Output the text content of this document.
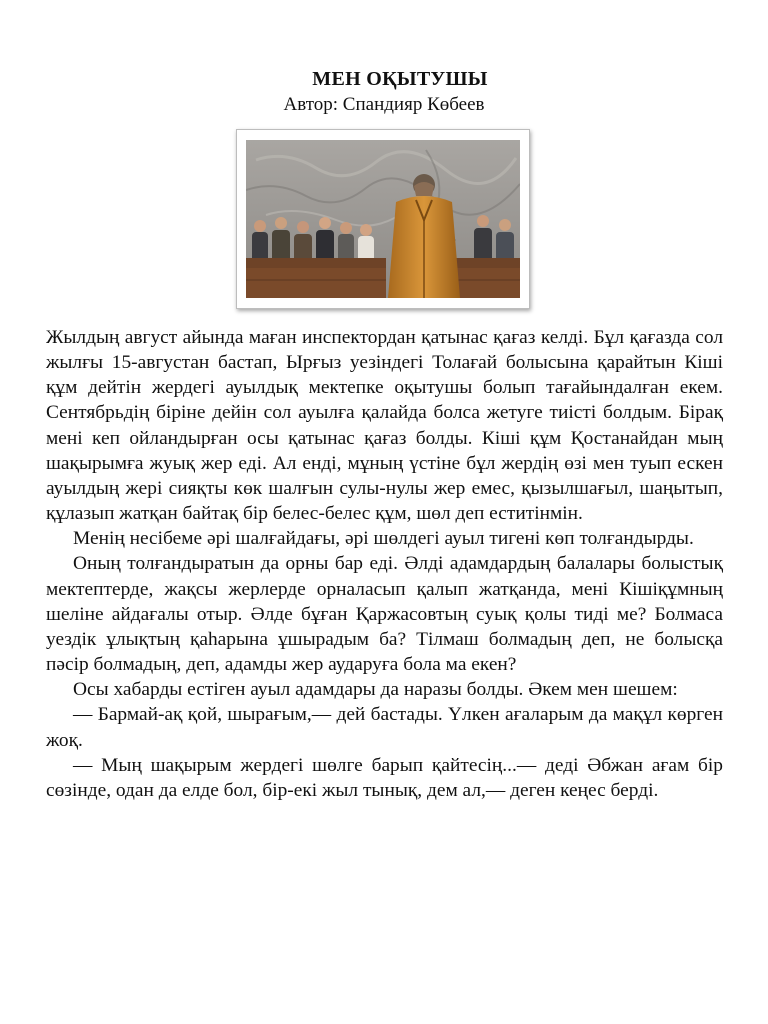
МЕН ОҚЫТУШЫ
Автор: Спандияр Көбеев

Жылдың август айында маған инспектордан қатынас қағаз келді. Бұл қағазда сол жылғы 15-августан бастап, Ырғыз уезіндегі Толағай болысына қарайтын Кіші құм дейтін жердегі ауылдық мектепке оқытушы болып тағайындалған екем. Сентябрьдің біріне дейін сол ауылға қалайда болса жетуге тиісті болдым. Бірақ мені кеп ойландырған осы қатынас қағаз болды. Кіші құм Қостанайдан мың шақырымға жуық жер еді. Ал енді, мұның үстіне бұл жердің өзі мен туып ескен ауылдың жері сияқты көк шалғын сулы-нулы жер емес, қызылшағыл, шаңытып, құлазып жатқан байтақ бір белес-белес құм, шөл деп еститінмін.

Менің несібеме әрі шалғайдағы, әрі шөлдегі ауыл тигені көп толғандырды.

Оның толғандыратын да орны бар еді. Әлді адамдардың балалары болыстық мектептерде, жақсы жерлерде орналасып қалып жатқанда, мені Кішіқұмның шеліне айдағалы отыр. Әлде бұған Қаржасовтың суық қолы тиді ме? Болмаса уездік ұлықтың қаһарына ұшырадым ба? Тілмаш болмадың деп, не болысқа пәсір болмадың, деп, адамды жер аударуға бола ма екен?

Осы хабарды естіген ауыл адамдары да наразы болды. Әкем мен шешем:

— Бармай-ақ қой, шырағым,— дей бастады. Үлкен ағаларым да мақұл көрген жоқ.

— Мың шақырым жердегі шөлге барып қайтесің...— деді Әбжан ағам бір сөзінде, одан да елде бол, бір-екі жыл тынық, дем ал,— деген кеңес берді.
